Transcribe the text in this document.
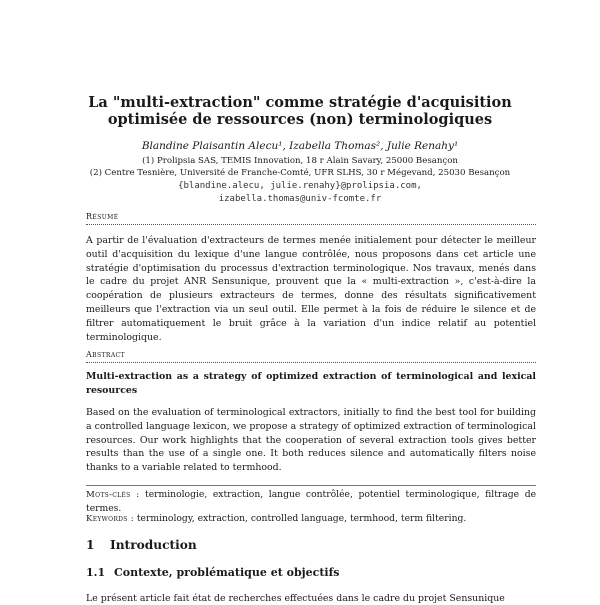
La "multi-extraction" comme stratégie d'acquisition
optimisée de ressources (non) terminologiques
Blandine Plaisantin Alecu¹, Izabella Thomas², Julie Renahy¹
(1) Prolipsia SAS, TEMIS Innovation, 18 r Alain Savary, 25000 Besançon
(2) Centre Tesnière, Université de Franche-Comté, UFR SLHS, 30 r Mégevand, 25030 Besançon
{blandine.alecu, julie.renahy}@prolipsia.com,
izabella.thomas@univ-fcomte.fr
Résumé
A partir de l'évaluation d'extracteurs de termes menée initialement pour détecter le meilleur outil d'acquisition du lexique d'une langue contrôlée, nous proposons dans cet article une stratégie d'optimisation du processus d'extraction terminologique. Nos travaux, menés dans le cadre du projet ANR Sensunique, prouvent que la « multi-extraction », c'est-à-dire la coopération de plusieurs extracteurs de termes, donne des résultats significativement meilleurs que l'extraction via un seul outil. Elle permet à la fois de réduire le silence et de filtrer automatiquement le bruit grâce à la variation d'un indice relatif au potentiel terminologique.
Abstract
Multi-extraction as a strategy of optimized extraction of terminological and lexical resources
Based on the evaluation of terminological extractors, initially to find the best tool for building a controlled language lexicon, we propose a strategy of optimized extraction of terminological resources. Our work highlights that the cooperation of several extraction tools gives better results than the use of a single one. It both reduces silence and automatically filters noise thanks to a variable related to termhood.
Mots-clés : terminologie, extraction, langue contrôlée, potentiel terminologique, filtrage de termes.
Keywords : terminology, extraction, controlled language, termhood, term filtering.
1 Introduction
1.1 Contexte, problématique et objectifs
Le présent article fait état de recherches effectuées dans le cadre du projet Sensunique
